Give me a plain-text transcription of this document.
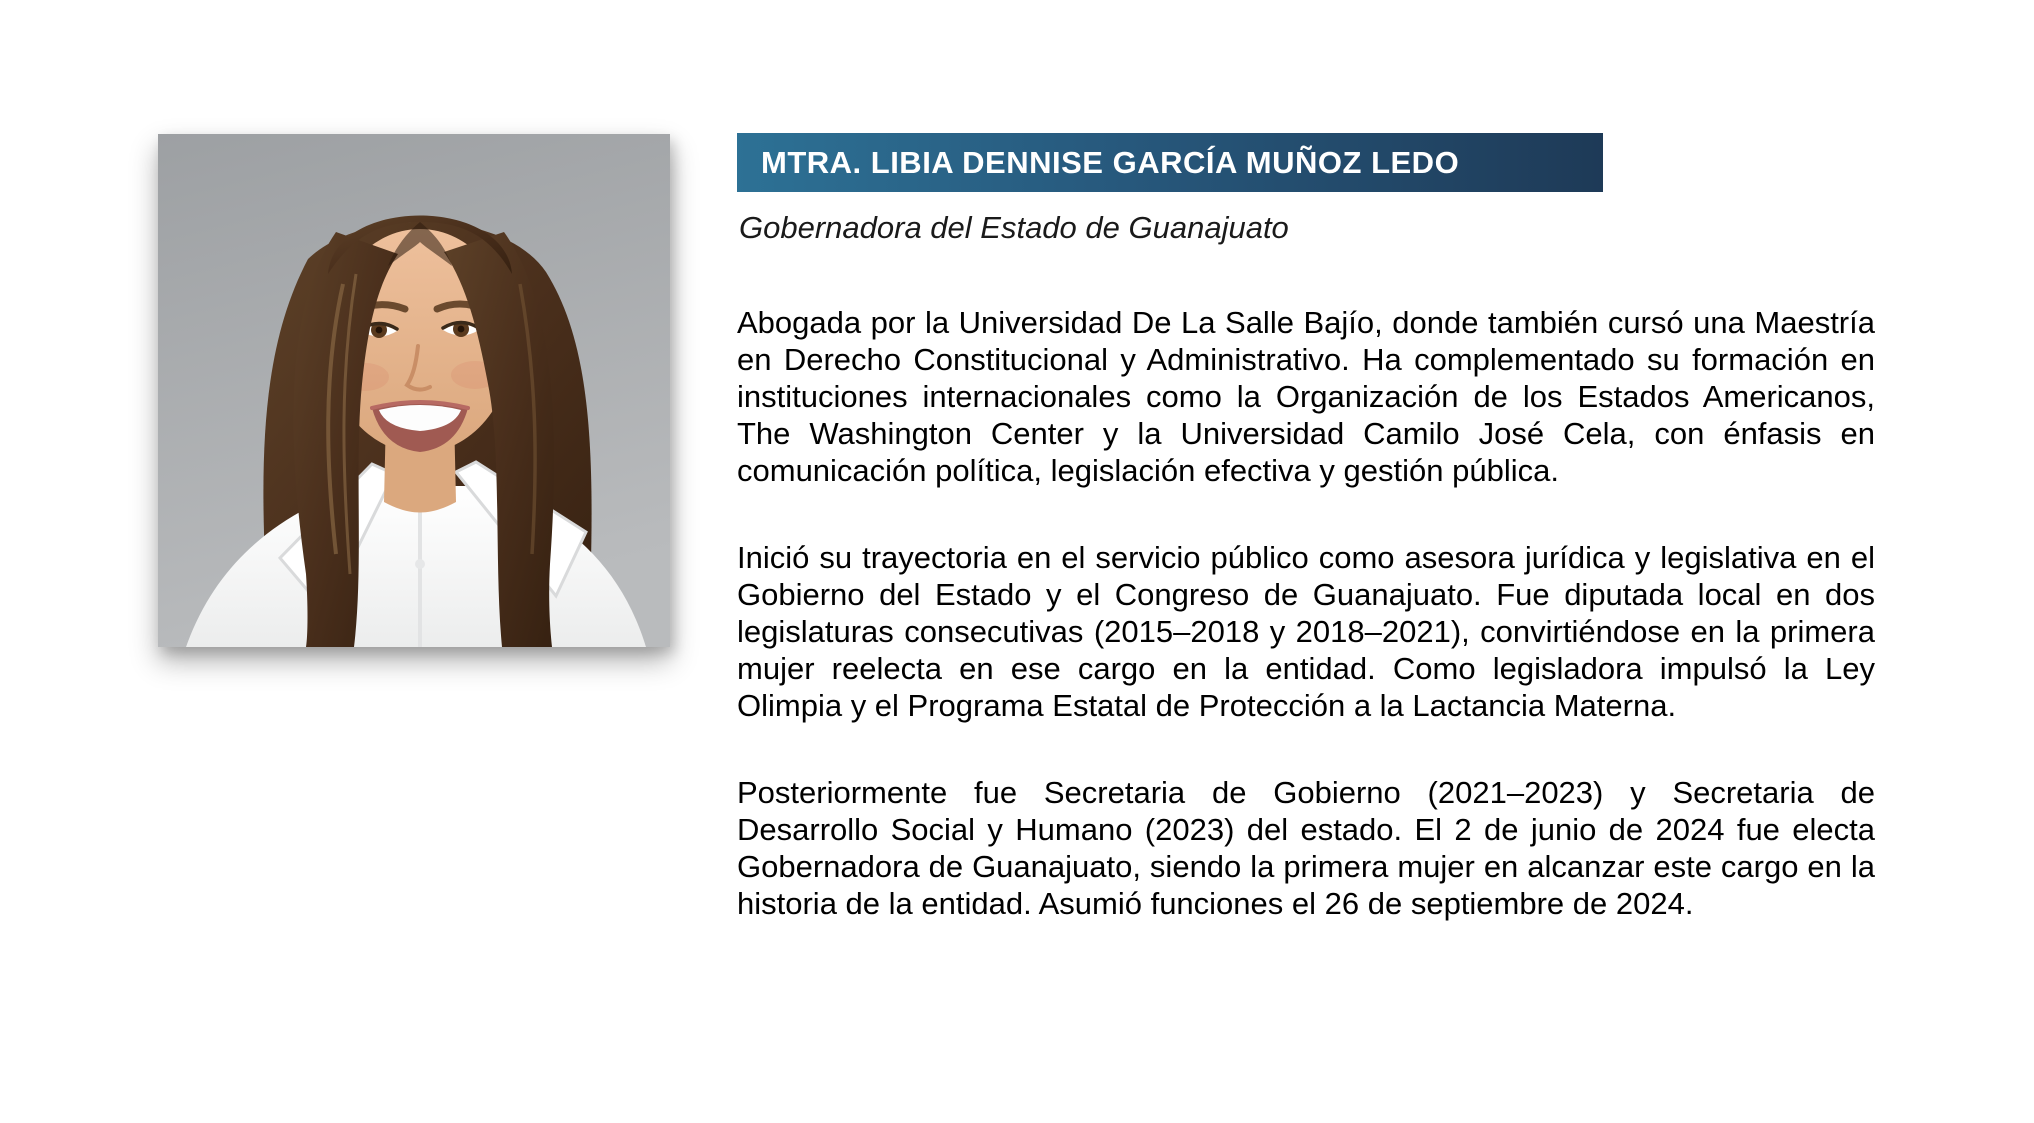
MTRA. LIBIA DENNISE GARCÍA MUÑOZ LEDO
Gobernadora del Estado de Guanajuato

Abogada por la Universidad De La Salle Bajío, donde también cursó una Maestría en Derecho Constitucional y Administrativo. Ha complementado su formación en instituciones internacionales como la Organización de los Estados Americanos, The Washington Center y la Universidad Camilo José Cela, con énfasis en comunicación política, legislación efectiva y gestión pública.

Inició su trayectoria en el servicio público como asesora jurídica y legislativa en el Gobierno del Estado y el Congreso de Guanajuato. Fue diputada local en dos legislaturas consecutivas (2015–2018 y 2018–2021), convirtiéndose en la primera mujer reelecta en ese cargo en la entidad. Como legisladora impulsó la Ley Olimpia y el Programa Estatal de Protección a la Lactancia Materna.

Posteriormente fue Secretaria de Gobierno (2021–2023) y Secretaria de Desarrollo Social y Humano (2023) del estado. El 2 de junio de 2024 fue electa Gobernadora de Guanajuato, siendo la primera mujer en alcanzar este cargo en la historia de la entidad. Asumió funciones el 26 de septiembre de 2024.
